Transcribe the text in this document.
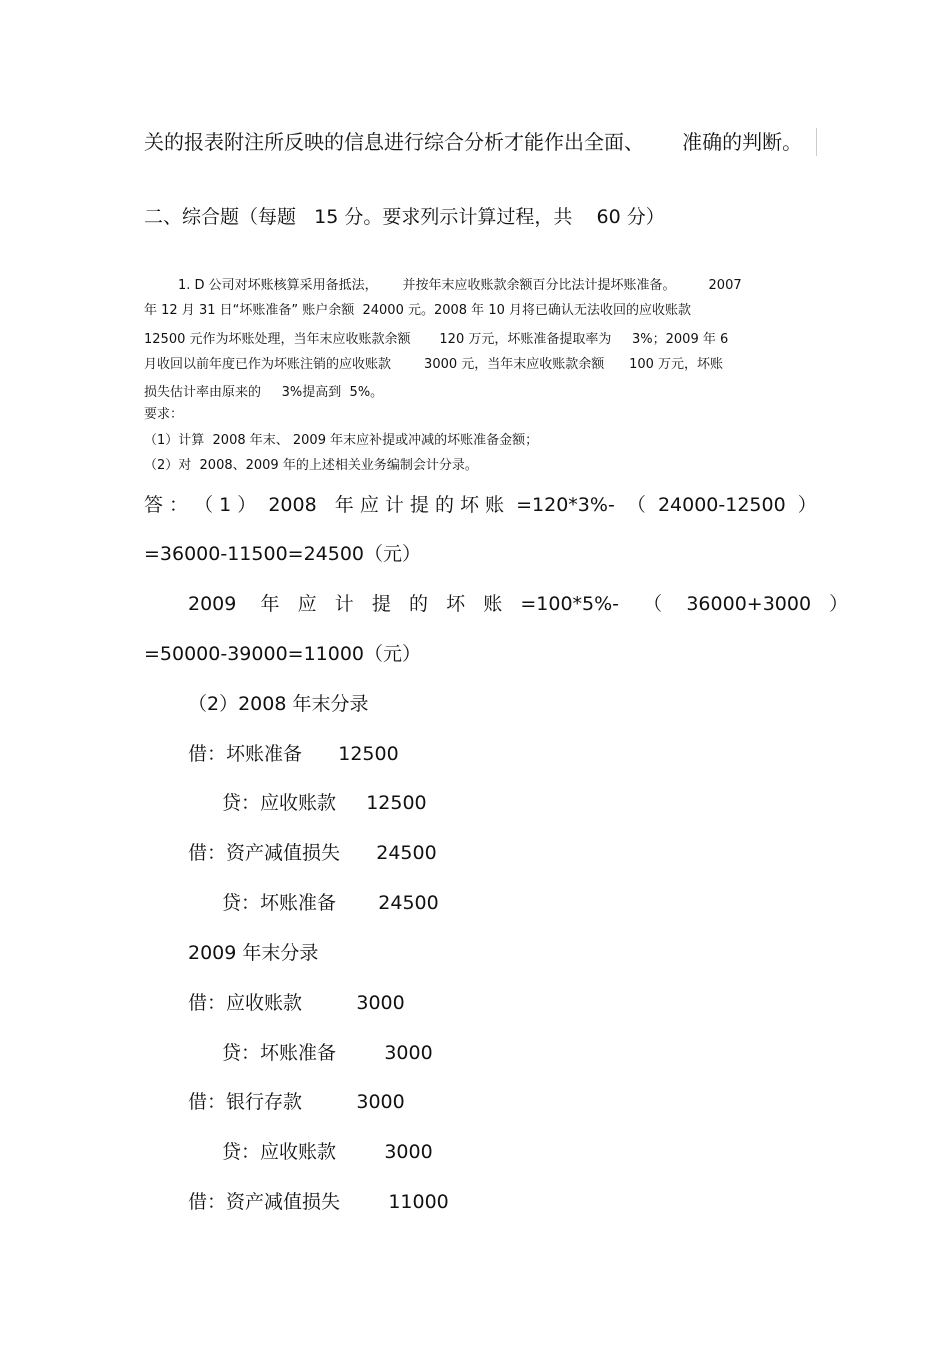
关的报表附注所反映的信息进行综合分析才能作出全面、      准确的判断。
二、综合题（每题   15 分。要求列示计算过程，共    60 分）
1. D 公司对坏账核算采用备抵法，      并按年末应收账款余额百分比法计提坏账准备。        2007
年 12 月 31 日“坏账准备” 账户余额  24000 元。2008 年 10 月将已确认无法收回的应收账款
12500 元作为坏账处理，当年末应收账款余额       120 万元，坏账准备提取率为     3%；2009 年 6
月收回以前年度已作为坏账注销的应收账款        3000 元，当年末应收账款余额      100 万元，坏账
损失估计率由原来的     3%提高到  5%。
要求：
（1）计算  2008 年末、 2009 年末应补提或冲减的坏账准备金额；
（2）对  2008、2009 年的上述相关业务编制会计分录。
答 ： （ 1 ）  2008   年 应 计 提 的 坏 账  =120*3%-  （  24000-12500  ）
=36000-11500=24500（元）
2009    年   应   计   提   的   坏   账   =100*5%-    （    36000+3000   ）
=50000-39000=11000（元）
（2）2008 年末分录
借：坏账准备      12500
贷：应收账款     12500
借：资产减值损失      24500
贷：坏账准备       24500
2009 年末分录
借：应收账款         3000
贷：坏账准备        3000
借：银行存款         3000
贷：应收账款        3000
借：资产减值损失        11000
